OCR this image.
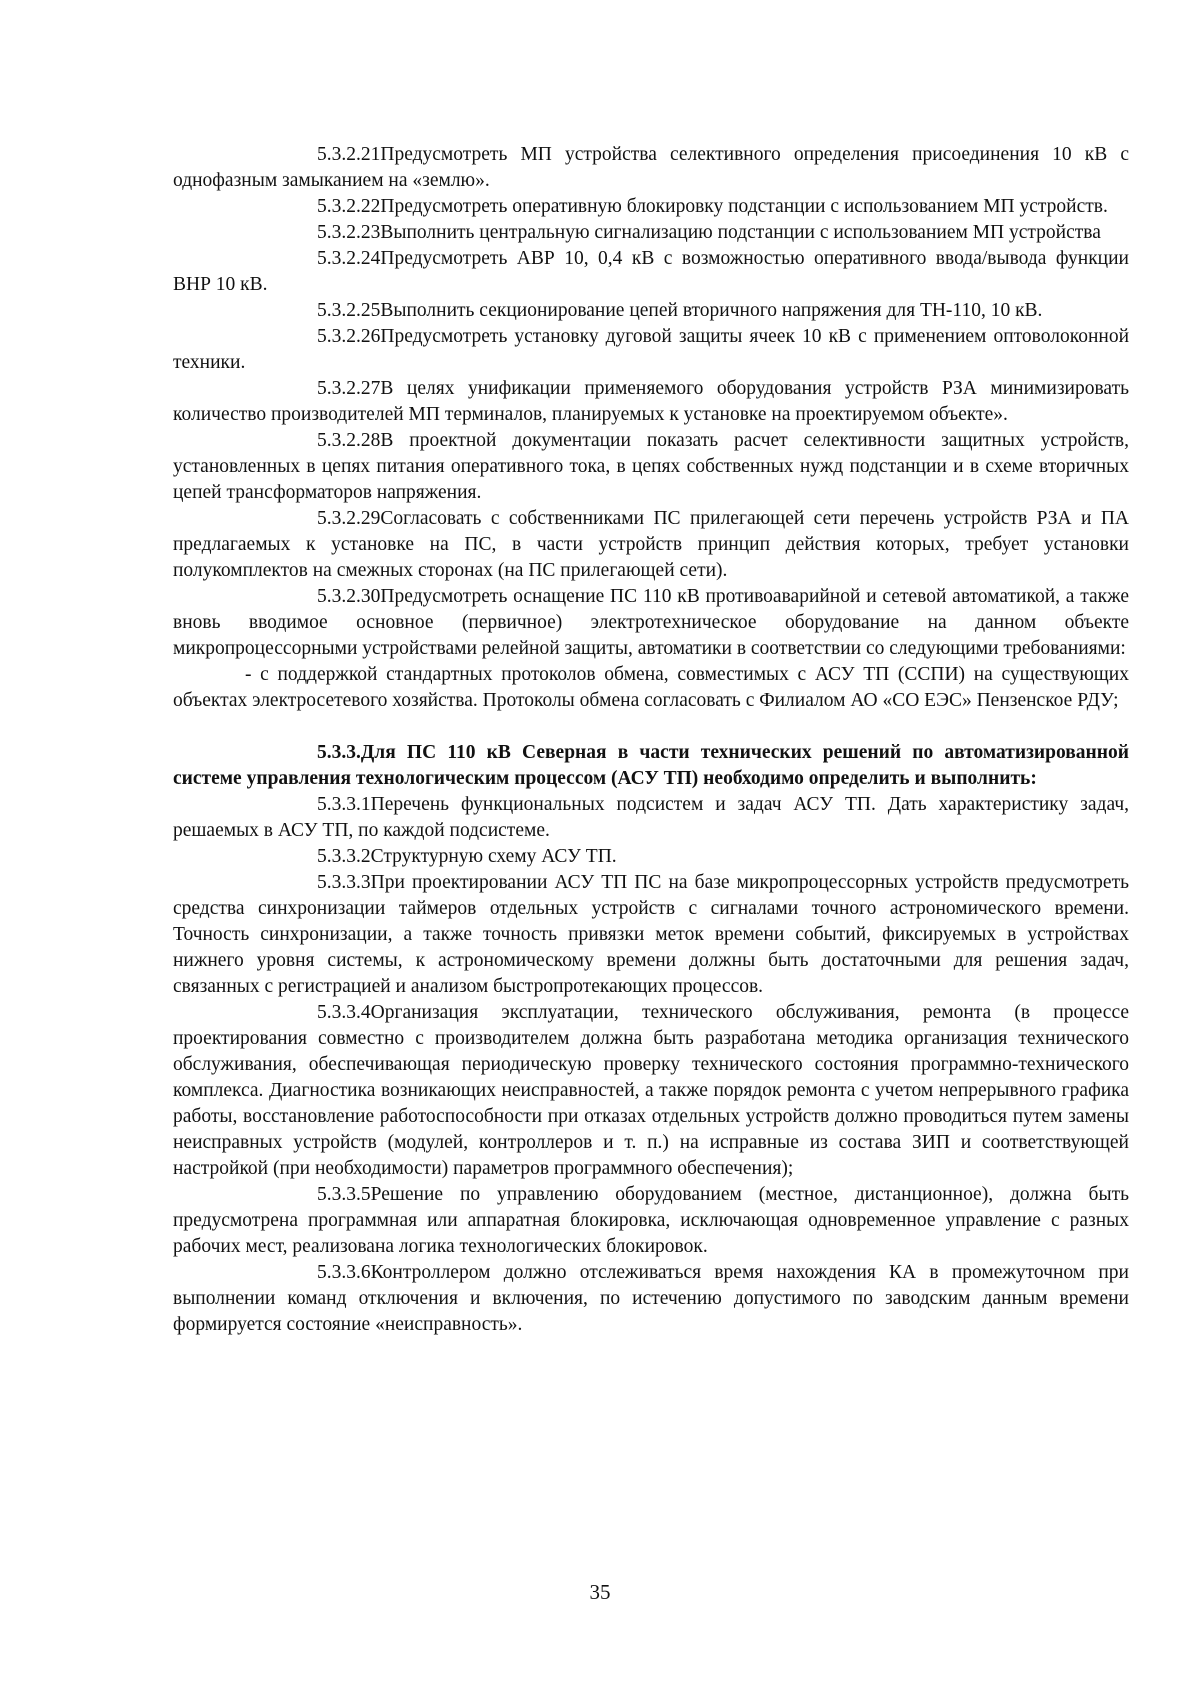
5.3.2.21Предусмотреть МП устройства селективного определения присоединения 10 кВ с однофазным замыканием на «землю».

5.3.2.22Предусмотреть оперативную блокировку подстанции с использованием МП устройств.

5.3.2.23Выполнить центральную сигнализацию подстанции с использованием МП устройства

5.3.2.24Предусмотреть АВР 10, 0,4 кВ с возможностью оперативного ввода/вывода функции ВНР 10 кВ.

5.3.2.25Выполнить секционирование цепей вторичного напряжения для ТН-110, 10 кВ.

5.3.2.26Предусмотреть установку дуговой защиты ячеек 10 кВ с применением оптоволоконной техники.

5.3.2.27В целях унификации применяемого оборудования устройств РЗА минимизировать количество производителей МП терминалов, планируемых к установке на проектируемом объекте».

5.3.2.28В проектной документации показать расчет селективности защитных устройств, установленных в цепях питания оперативного тока, в цепях собственных нужд подстанции и в схеме вторичных цепей трансформаторов напряжения.

5.3.2.29Согласовать с собственниками ПС прилегающей сети перечень устройств РЗА и ПА предлагаемых к установке на ПС, в части устройств принцип действия которых, требует установки полукомплектов на смежных сторонах (на ПС прилегающей сети).

5.3.2.30Предусмотреть оснащение ПС 110 кВ противоаварийной и сетевой автоматикой, а также вновь вводимое основное (первичное) электротехническое оборудование на данном объекте микропроцессорными устройствами релейной защиты, автоматики в соответствии со следующими требованиями:

- с поддержкой стандартных протоколов обмена, совместимых с АСУ ТП (ССПИ) на существующих объектах электросетевого хозяйства. Протоколы обмена согласовать с Филиалом АО «СО ЕЭС» Пензенское РДУ;

5.3.3.Для ПС 110 кВ Северная в части технических решений по автоматизированной системе управления технологическим процессом (АСУ ТП) необходимо определить и выполнить:

5.3.3.1Перечень функциональных подсистем и задач АСУ ТП. Дать характеристику задач, решаемых в АСУ ТП, по каждой подсистеме.

5.3.3.2Структурную схему АСУ ТП.

5.3.3.3При проектировании АСУ ТП ПС на базе микропроцессорных устройств предусмотреть средства синхронизации таймеров отдельных устройств с сигналами точного астрономического времени. Точность синхронизации, а также точность привязки меток времени событий, фиксируемых в устройствах нижнего уровня системы, к астрономическому времени должны быть достаточными для решения задач, связанных с регистрацией и анализом быстропротекающих процессов.

5.3.3.4Организация эксплуатации, технического обслуживания, ремонта (в процессе проектирования совместно с производителем должна быть разработана методика организация технического обслуживания, обеспечивающая периодическую проверку технического состояния программно-технического комплекса. Диагностика возникающих неисправностей, а также порядок ремонта с учетом непрерывного графика работы, восстановление работоспособности при отказах отдельных устройств должно проводиться путем замены неисправных устройств (модулей, контроллеров и т. п.) на исправные из состава ЗИП и соответствующей настройкой (при необходимости) параметров программного обеспечения);

5.3.3.5Решение по управлению оборудованием (местное, дистанционное), должна быть предусмотрена программная или аппаратная блокировка, исключающая одновременное управление с разных рабочих мест, реализована логика технологических блокировок.

5.3.3.6Контроллером должно отслеживаться время нахождения КА в промежуточном при выполнении команд отключения и включения, по истечению допустимого по заводским данным времени формируется состояние «неисправность».

35
